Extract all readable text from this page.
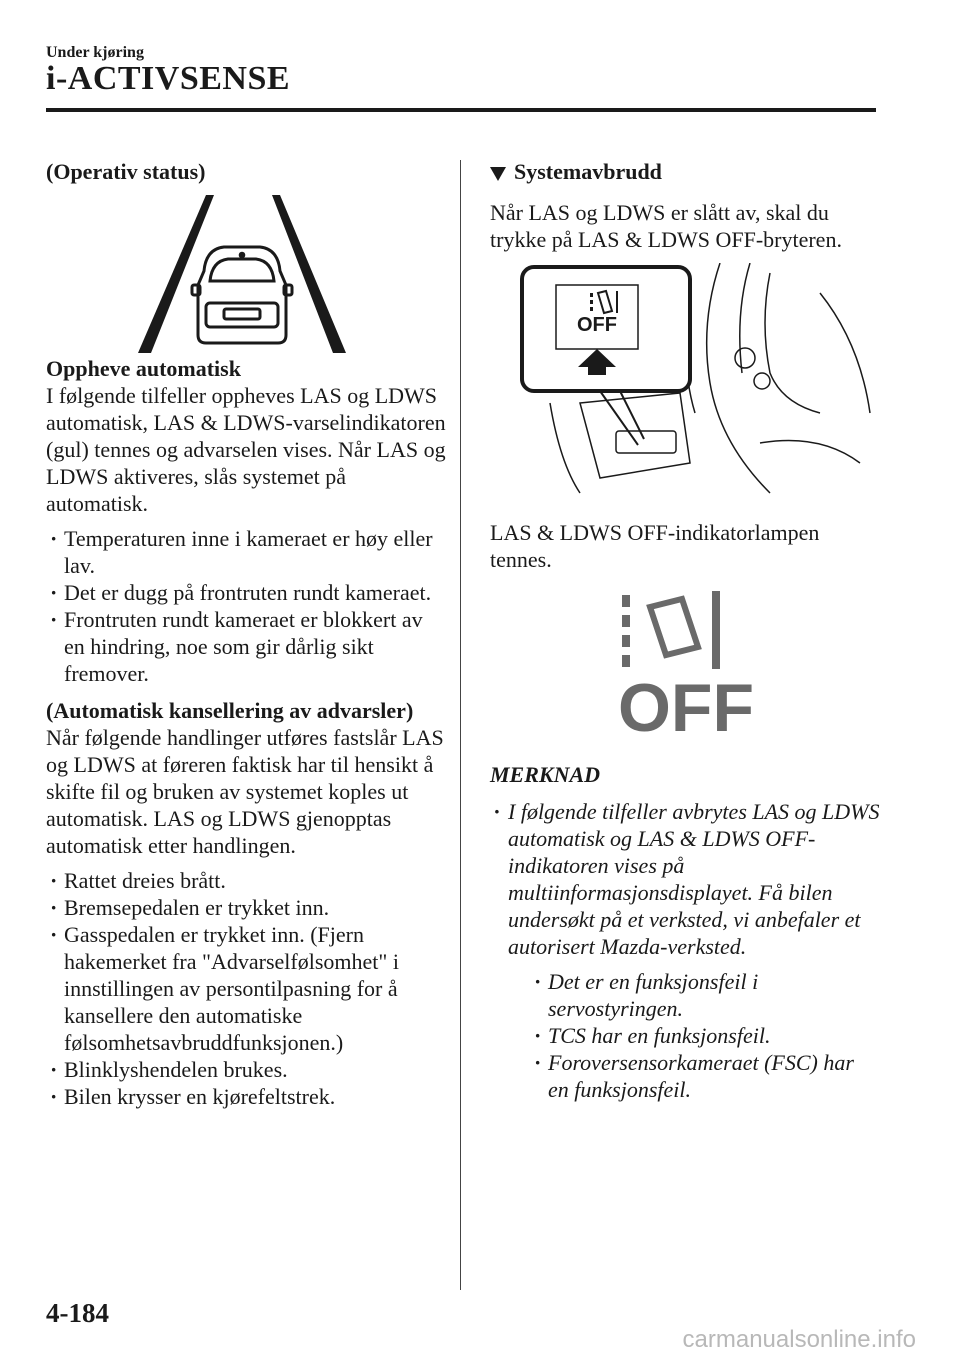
Under kjøring
i-ACTIVSENSE

(Operativ status)

Oppheve automatisk

I følgende tilfeller oppheves LAS og LDWS automatisk, LAS & LDWS-varselindikatoren (gul) tennes og advarselen vises. Når LAS og LDWS aktiveres, slås systemet på automatisk.

· Temperaturen inne i kameraet er høy eller lav.
· Det er dugg på frontruten rundt kameraet.
· Frontruten rundt kameraet er blokkert av en hindring, noe som gir dårlig sikt fremover.

(Automatisk kansellering av advarsler)

Når følgende handlinger utføres fastslår LAS og LDWS at føreren faktisk har til hensikt å skifte fil og bruken av systemet koples ut automatisk. LAS og LDWS gjenopptas automatisk etter handlingen.

· Rattet dreies brått.
· Bremsepedalen er trykket inn.
· Gasspedalen er trykket inn. (Fjern hakemerket fra "Advarselfølsomhet" i innstillingen av persontilpasning for å kansellere den automatiske følsomhetsavbruddfunksjonen.)
· Blinklyshendelen brukes.
· Bilen krysser en kjørefeltstrek.

Systemavbrudd

Når LAS og LDWS er slått av, skal du trykke på LAS & LDWS OFF-bryteren.

OFF

LAS & LDWS OFF-indikatorlampen tennes.

OFF

MERKNAD

· I følgende tilfeller avbrytes LAS og LDWS automatisk og LAS & LDWS OFF-indikatoren vises på multiinformasjonsdisplayet. Få bilen undersøkt på et verksted, vi anbefaler et autorisert Mazda-verksted.
· Det er en funksjonsfeil i servostyringen.
· TCS har en funksjonsfeil.
· Foroversensorkameraet (FSC) har en funksjonsfeil.
4-184
carmanualsonline.info
